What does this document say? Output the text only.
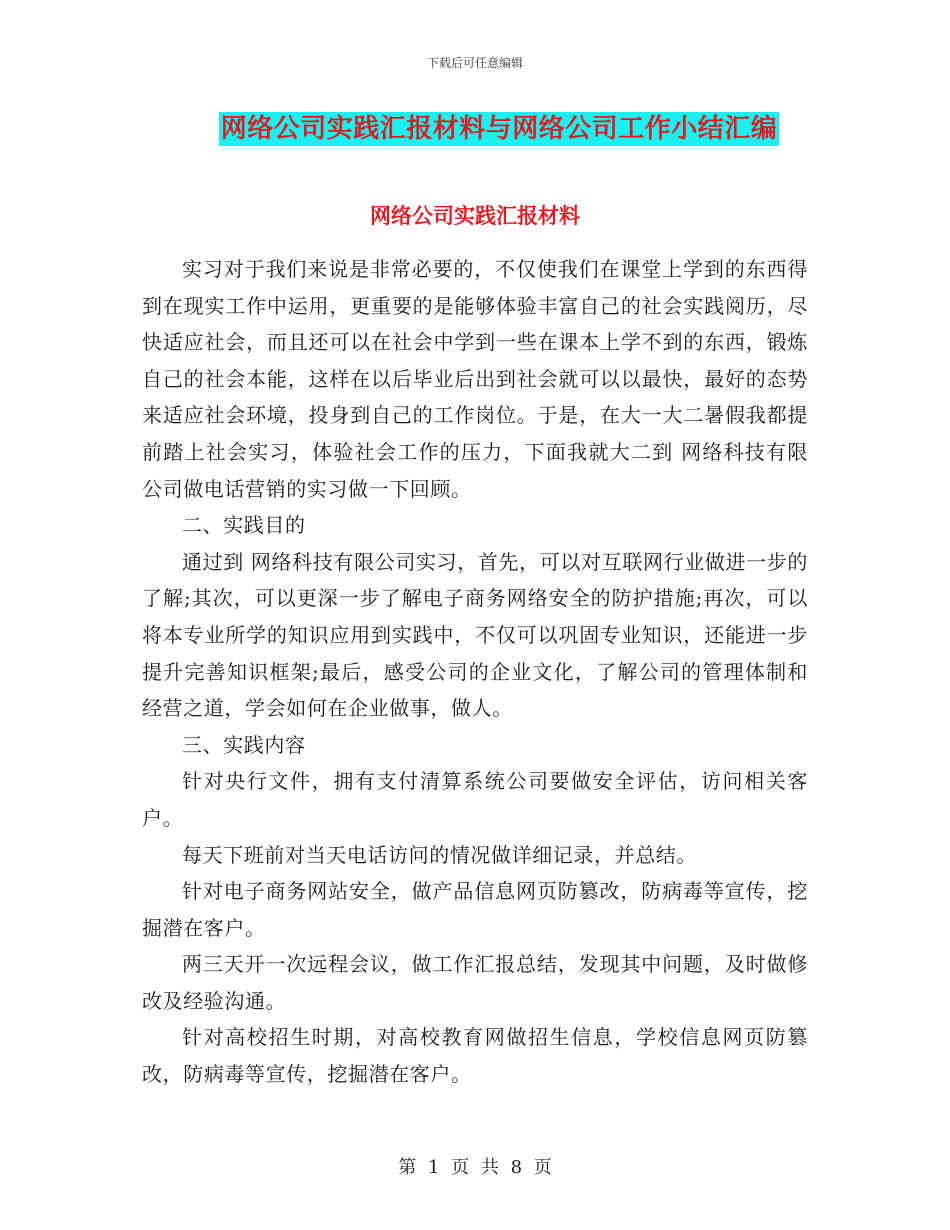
下载后可任意编辑
网络公司实践汇报材料与网络公司工作小结汇编
网络公司实践汇报材料

实习对于我们来说是非常必要的，不仅使我们在课堂上学到的东西得到在现实工作中运用，更重要的是能够体验丰富自己的社会实践阅历，尽快适应社会，而且还可以在社会中学到一些在课本上学不到的东西，锻炼自己的社会本能，这样在以后毕业后出到社会就可以以最快，最好的态势来适应社会环境，投身到自己的工作岗位。于是，在大一大二暑假我都提前踏上社会实习，体验社会工作的压力，下面我就大二到 网络科技有限公司做电话营销的实习做一下回顾。

二、实践目的

通过到 网络科技有限公司实习，首先，可以对互联网行业做进一步的了解;其次，可以更深一步了解电子商务网络安全的防护措施;再次，可以将本专业所学的知识应用到实践中，不仅可以巩固专业知识，还能进一步提升完善知识框架;最后，感受公司的企业文化，了解公司的管理体制和经营之道，学会如何在企业做事，做人。

三、实践内容

针对央行文件，拥有支付清算系统公司要做安全评估，访问相关客户。

每天下班前对当天电话访问的情况做详细记录，并总结。

针对电子商务网站安全，做产品信息网页防篡改，防病毒等宣传，挖掘潜在客户。

两三天开一次远程会议，做工作汇报总结，发现其中问题，及时做修改及经验沟通。

针对高校招生时期，对高校教育网做招生信息，学校信息网页防篡改，防病毒等宣传，挖掘潜在客户。

第 1 页 共 8 页
